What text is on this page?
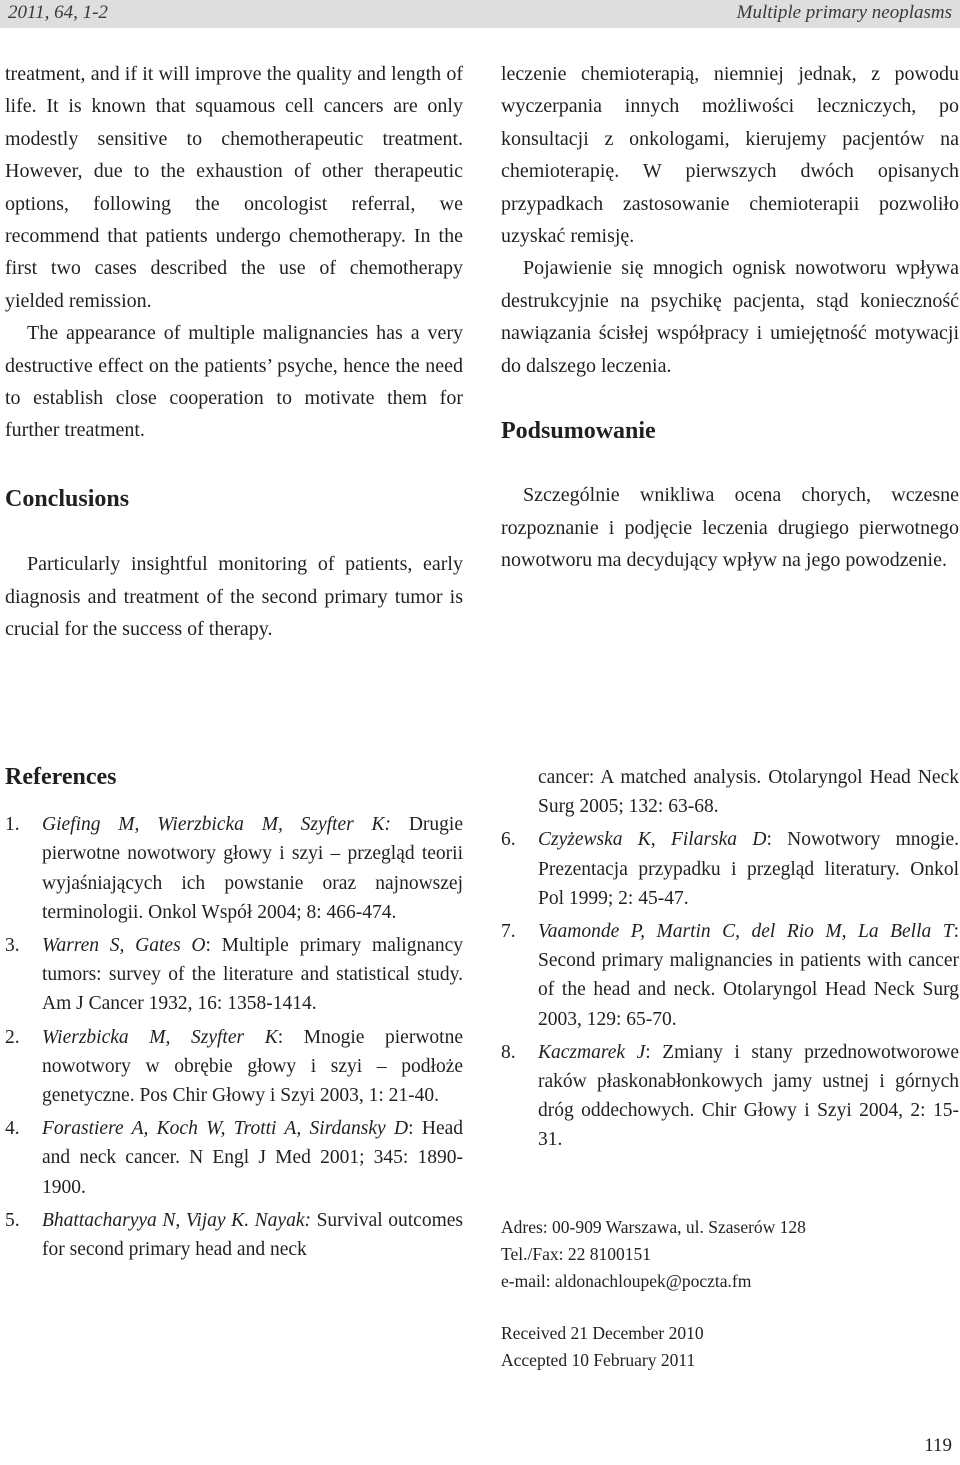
2011, 64, 1-2	Multiple primary neoplasms

treatment, and if it will improve the quality and length of life. It is known that squamous cell cancers are only modestly sensitive to chemotherapeutic treatment. However, due to the exhaustion of other therapeutic options, following the oncologist referral, we recommend that patients undergo chemotherapy. In the first two cases described the use of chemotherapy yielded remission.

The appearance of multiple malignancies has a very destructive effect on the patients’ psyche, hence the need to establish close cooperation to motivate them for further treatment.

Conclusions

Particularly insightful monitoring of patients, early diagnosis and treatment of the second primary tumor is crucial for the success of therapy.

leczenie chemioterapią, niemniej jednak, z powodu wyczerpania innych możliwości leczniczych, po konsultacji z onkologami, kierujemy pacjentów na chemioterapię. W pierwszych dwóch opisanych przypadkach zastosowanie chemioterapii pozwoliło uzyskać remisję.

Pojawienie się mnogich ognisk nowotworu wpływa destrukcyjnie na psychikę pacjenta, stąd konieczność nawiązania ścisłej współpracy i umiejętność motywacji do dalszego leczenia.

Podsumowanie

Szczególnie wnikliwa ocena chorych, wczesne rozpoznanie i podjęcie leczenia drugiego pierwotnego nowotworu ma decydujący wpływ na jego powodzenie.

References
1. Giefing M, Wierzbicka M, Szyfter K: Drugie pierwotne nowotwory głowy i szyi – przegląd teorii wyjaśniających ich powstanie oraz najnowszej terminologii. Onkol Współ 2004; 8: 466-474.
3. Warren S, Gates O: Multiple primary malignancy tumors: survey of the literature and statistical study. Am J Cancer 1932, 16: 1358-1414.
2. Wierzbicka M, Szyfter K: Mnogie pierwotne nowotwory w obrębie głowy i szyi – podłoże genetyczne. Pos Chir Głowy i Szyi 2003, 1: 21-40.
4. Forastiere A, Koch W, Trotti A, Sirdansky D: Head and neck cancer. N Engl J Med 2001; 345: 1890-1900.
5. Bhattacharyya N, Vijay K. Nayak: Survival outcomes for second primary head and neck
cancer: A matched analysis. Otolaryngol Head Neck Surg 2005; 132: 63-68.
6. Czyżewska K, Filarska D: Nowotwory mnogie. Prezentacja przypadku i przegląd literatury. Onkol Pol 1999; 2: 45-47.
7. Vaamonde P, Martin C, del Rio M, La Bella T: Second primary malignancies in patients with cancer of the head and neck. Otolaryngol Head Neck Surg 2003, 129: 65-70.
8. Kaczmarek J: Zmiany i stany przednowotworowe raków płaskonabłonkowych jamy ustnej i górnych dróg oddechowych. Chir Głowy i Szyi 2004, 2: 15-31.
Adres: 00-909 Warszawa, ul. Szaserów 128
Tel./Fax: 22 8100151
e-mail: aldonachloupek@poczta.fm
Received 21 December 2010
Accepted 10 February 2011
119
